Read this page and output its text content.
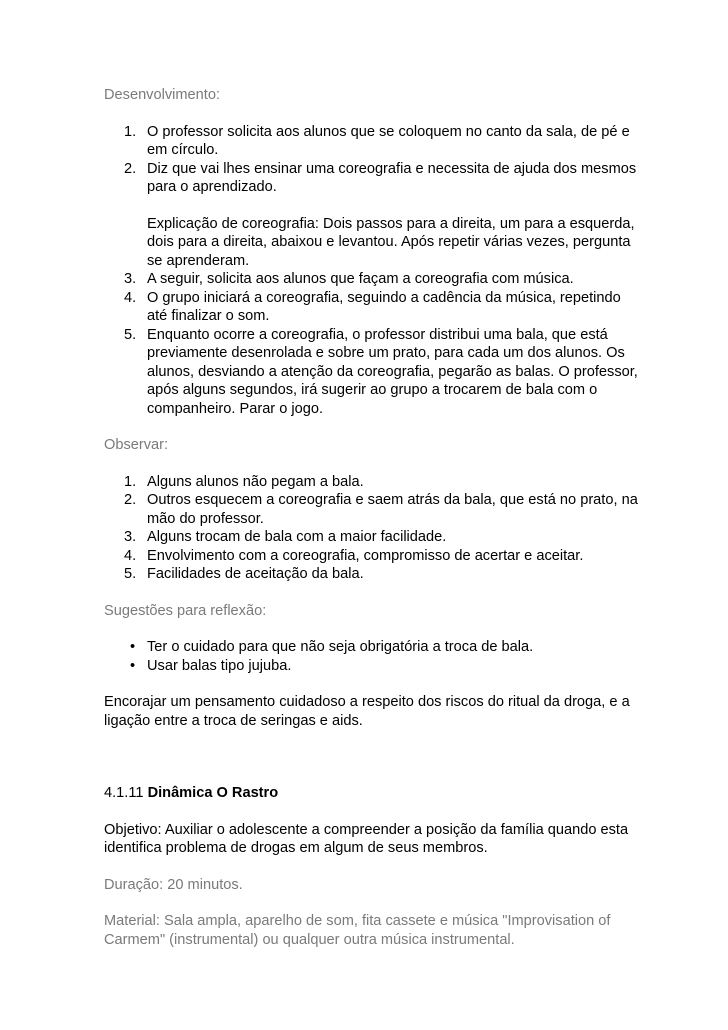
Desenvolvimento:

1. O professor solicita aos alunos que se coloquem no canto da sala, de pé e em círculo.
2. Diz que vai lhes ensinar uma coreografia e necessita de ajuda dos mesmos para o aprendizado.
Explicação de coreografia: Dois passos para a direita, um para a esquerda, dois para a direita, abaixou e levantou. Após repetir várias vezes, pergunta se aprenderam.
3. A seguir, solicita aos alunos que façam a coreografia com música.
4. O grupo iniciará a coreografia, seguindo a cadência da música, repetindo até finalizar o som.
5. Enquanto ocorre a coreografia, o professor distribui uma bala, que está previamente desenrolada e sobre um prato, para cada um dos alunos. Os alunos, desviando a atenção da coreografia, pegarão as balas. O professor, após alguns segundos, irá sugerir ao grupo a trocarem de bala com o companheiro. Parar o jogo.

Observar:

1. Alguns alunos não pegam a bala.
2. Outros esquecem a coreografia e saem atrás da bala, que está no prato, na mão do professor.
3. Alguns trocam de bala com a maior facilidade.
4. Envolvimento com a coreografia, compromisso de acertar e aceitar.
5. Facilidades de aceitação da bala.

Sugestões para reflexão:

• Ter o cuidado para que não seja obrigatória a troca de bala.
• Usar balas tipo jujuba.

Encorajar um pensamento cuidadoso a respeito dos riscos do ritual da droga, e a ligação entre a troca de seringas e aids.

4.1.11 Dinâmica O Rastro

Objetivo: Auxiliar o adolescente a compreender a posição da família quando esta identifica problema de drogas em algum de seus membros.

Duração: 20 minutos.

Material: Sala ampla, aparelho de som, fita cassete e música "Improvisation of Carmem" (instrumental) ou qualquer outra música instrumental.
